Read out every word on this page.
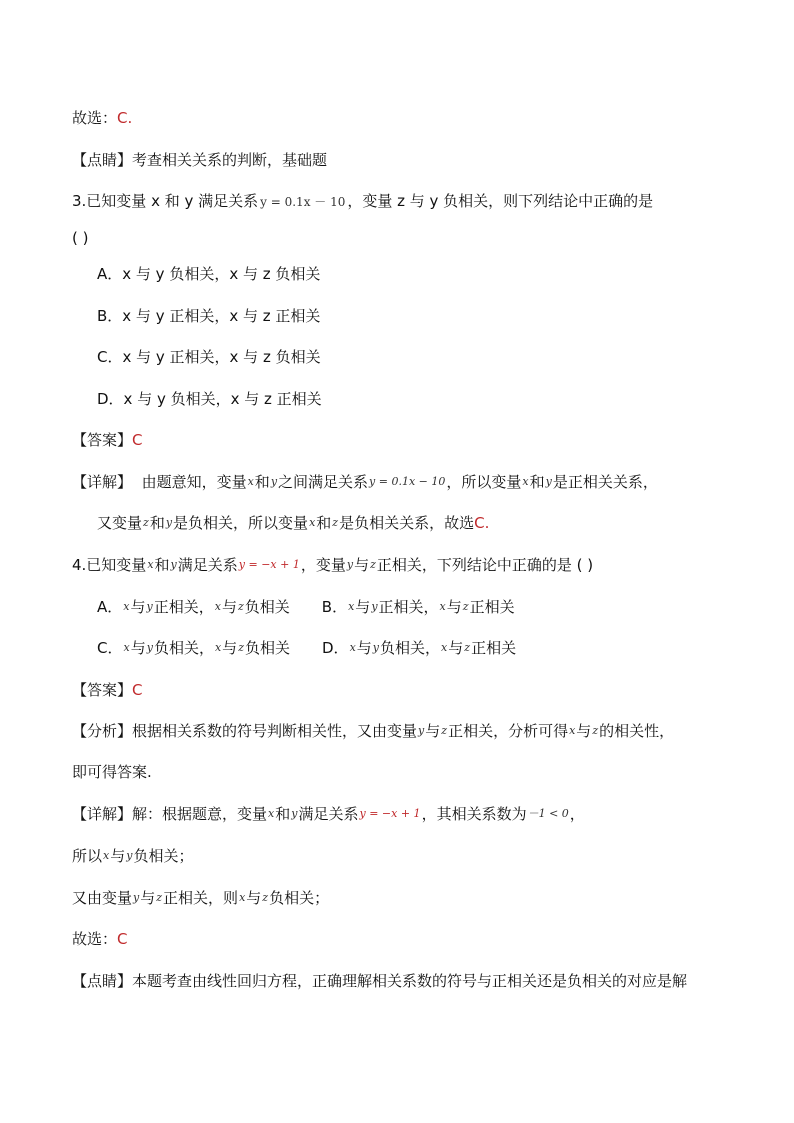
故选：C.
【点睛】考查相关关系的判断，基础题
3.已知变量 x 和 y 满足关系 y = 0.1x － 10 ，变量 z 与 y 负相关，则下列结论中正确的是
( )
A．x 与 y 负相关，x 与 z 负相关
B．x 与 y 正相关，x 与 z 正相关
C．x 与 y 正相关，x 与 z 负相关
D．x 与 y 负相关，x 与 z 正相关
【答案】C
【详解】 由题意知，变量x和y之间满足关系y = 0.1x − 10，所以变量x和y是正相关关系，
又变量z和y是负相关，所以变量x和z是负相关关系，故选C.
4.已知变量x和y满足关系y = −x + 1，变量y与z正相关，下列结论中正确的是 ( )
A．x与y正相关，x与z负相关 B．x与y正相关，x与z正相关
C．x与y负相关，x与z负相关 D．x与y负相关，x与z正相关
【答案】C
【分析】根据相关系数的符号判断相关性，又由变量y与z正相关，分析可得x与z的相关性，
即可得答案.
【详解】解：根据题意，变量x和y满足关系y = −x + 1，其相关系数为－1 < 0，
所以x与y负相关；
又由变量y与z正相关，则x与z负相关；
故选：C
【点睛】本题考查由线性回归方程，正确理解相关系数的符号与正相关还是负相关的对应是解
